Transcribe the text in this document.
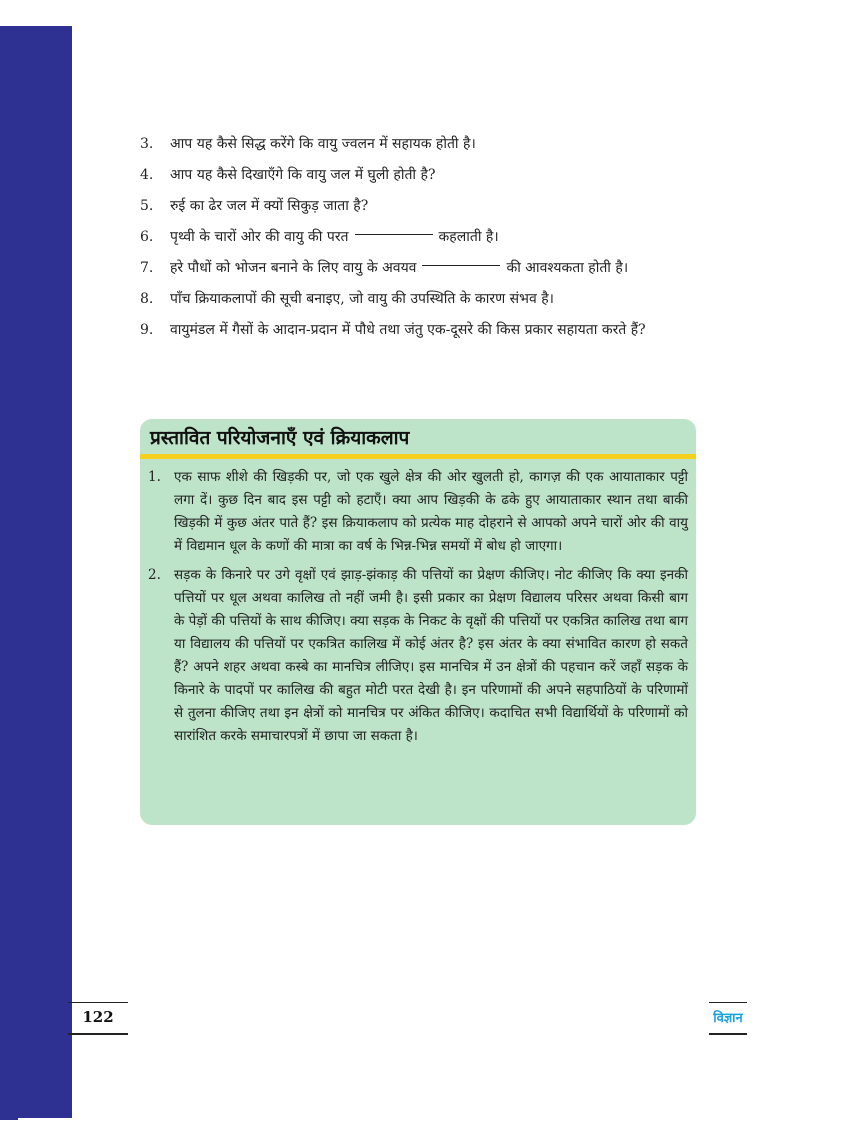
3. आप यह कैसे सिद्ध करेंगे कि वायु ज्वलन में सहायक होती है।
4. आप यह कैसे दिखाएँगे कि वायु जल में घुली होती है?
5. रुई का ढेर जल में क्यों सिकुड़ जाता है?
6. पृथ्वी के चारों ओर की वायु की परत	कहलाती है।
7. हरे पौधों को भोजन बनाने के लिए वायु के अवयव	की आवश्यकता होती है।
8. पाँच क्रियाकलापों की सूची बनाइए, जो वायु की उपस्थिति के कारण संभव है।
9. वायुमंडल में गैसों के आदान-प्रदान में पौधे तथा जंतु एक-दूसरे की किस प्रकार सहायता करते हैं?
प्रस्तावित परियोजनाएँ एवं क्रियाकलाप
1. एक साफ शीशे की खिड़की पर, जो एक खुले क्षेत्र की ओर खुलती हो, कागज़ की एक आयाताकार पट्टी लगा दें। कुछ दिन बाद इस पट्टी को हटाएँ। क्या आप खिड़की के ढके हुए आयाताकार स्थान तथा बाकी खिड़की में कुछ अंतर पाते हैं? इस क्रियाकलाप को प्रत्येक माह दोहराने से आपको अपने चारों ओर की वायु में विद्यमान धूल के कणों की मात्रा का वर्ष के भिन्न-भिन्न समयों में बोध हो जाएगा।
2. सड़क के किनारे पर उगे वृक्षों एवं झाड़-झंकाड़ की पत्तियों का प्रेक्षण कीजिए। नोट कीजिए कि क्या इनकी पत्तियों पर धूल अथवा कालिख तो नहीं जमी है। इसी प्रकार का प्रेक्षण विद्यालय परिसर अथवा किसी बाग के पेड़ों की पत्तियों के साथ कीजिए। क्या सड़क के निकट के वृक्षों की पत्तियों पर एकत्रित कालिख तथा बाग या विद्यालय की पत्तियों पर एकत्रित कालिख में कोई अंतर है? इस अंतर के क्या संभावित कारण हो सकते हैं? अपने शहर अथवा कस्बे का मानचित्र लीजिए। इस मानचित्र में उन क्षेत्रों की पहचान करें जहाँ सड़क के किनारे के पादपों पर कालिख की बहुत मोटी परत देखी है। इन परिणामों की अपने सहपाठियों के परिणामों से तुलना कीजिए तथा इन क्षेत्रों को मानचित्र पर अंकित कीजिए। कदाचित सभी विद्यार्थियों के परिणामों को सारांशित करके समाचारपत्रों में छापा जा सकता है।
122	विज्ञान
